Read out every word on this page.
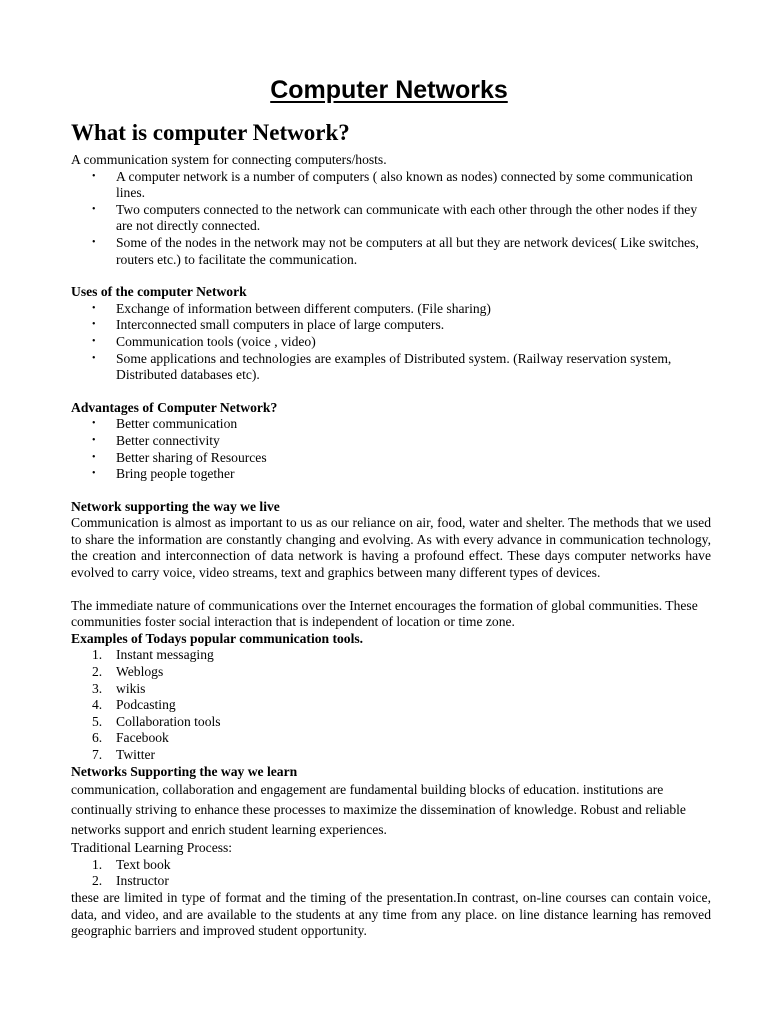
Computer Networks
What is computer Network?

A communication system for connecting computers/hosts.

• A computer network is a number of computers ( also known as nodes) connected by some communication lines.
• Two computers connected to the network can communicate with each other through the other nodes if they are not directly connected.
• Some of the nodes in the network may not be computers at all but they are network devices( Like switches, routers etc.) to facilitate the communication.

Uses of the computer Network

• Exchange of information between different computers. (File sharing)
• Interconnected small computers in place of large computers.
• Communication tools (voice , video)
• Some applications and technologies are examples of Distributed system. (Railway reservation system, Distributed databases etc).

Advantages of Computer Network?

• Better communication
• Better connectivity
• Better sharing of Resources
• Bring people together

Network supporting the way we live

Communication is almost as important to us as our reliance on air, food, water and shelter. The methods that we used to share the information are constantly changing and evolving. As with every advance in communication technology, the creation and interconnection of data network is having a profound effect. These days computer networks have evolved to carry voice, video streams, text and graphics between many different types of devices.

The immediate nature of communications over the Internet encourages the formation of global communities. These communities foster social interaction that is independent of location or time zone.

Examples of Todays popular communication tools.

1. Instant messaging
2. Weblogs
3. wikis
4. Podcasting
5. Collaboration tools
6. Facebook
7. Twitter

Networks Supporting the way we learn

communication, collaboration and engagement are fundamental building blocks of education. institutions are continually striving to enhance these processes to maximize the dissemination of knowledge. Robust and reliable networks support and enrich student learning experiences.

Traditional Learning Process:

1. Text book
2. Instructor

these are limited in type of format and the timing of the presentation.In contrast, on-line courses can contain voice, data, and video, and are available to the students at any time from any place. on line distance learning has removed geographic barriers and improved student opportunity.
